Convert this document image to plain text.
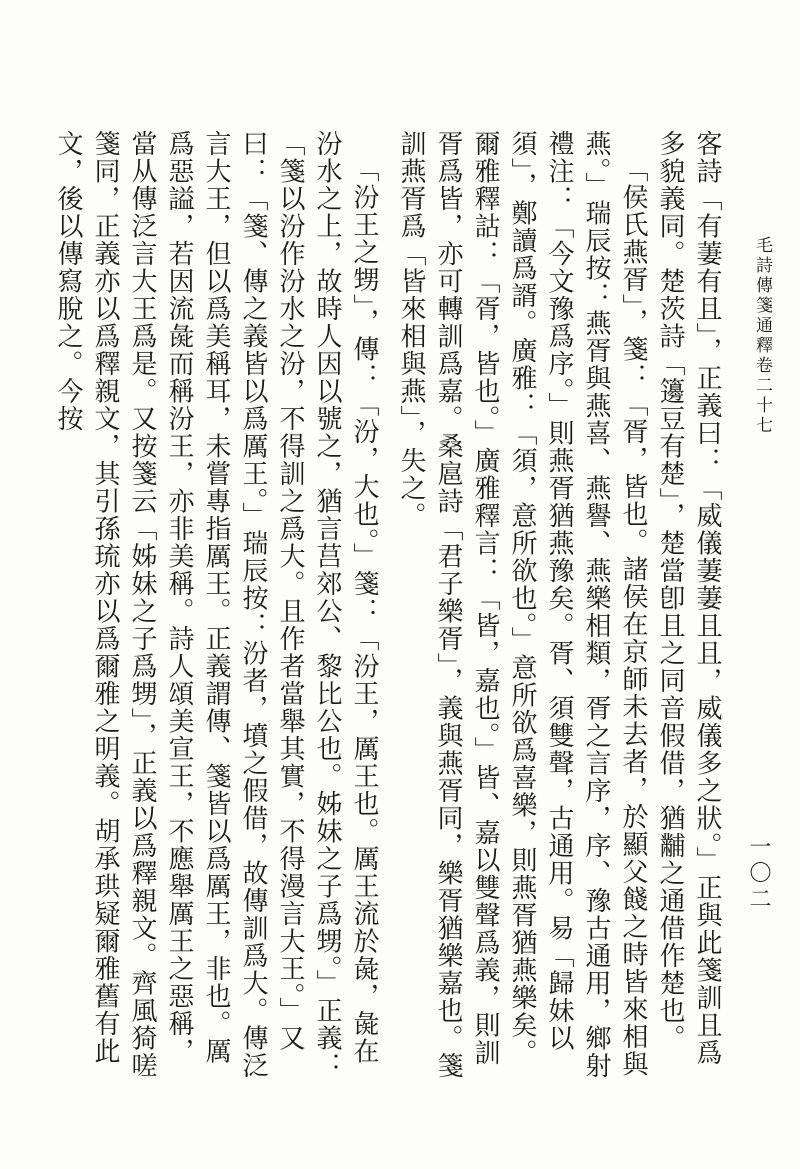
毛詩傳箋通釋卷二十七
一〇二

客詩「有萋有且」，正義曰：「威儀萋萋且且，威儀多之狀。」正與此箋訓且爲多貌義同。楚茨詩「籩豆有楚」，楚當卽且之同音假借，猶黼之通借作楚也。

「侯氏燕胥」，箋：「胥，皆也。諸侯在京師未去者，於顯父餞之時皆來相與燕。」瑞辰按：燕胥與燕喜、燕譽、燕樂相類，胥之言序，序、豫古通用，鄉射禮注：「今文豫爲序。」則燕胥猶燕豫矣。胥、須雙聲，古通用。易「歸妹以須」，鄭讀爲諝。廣雅：「須，意所欲也。」意所欲爲喜樂，則燕胥猶燕樂矣。爾雅釋詁：「胥，皆也。」廣雅釋言：「皆，嘉也。」皆、嘉以雙聲爲義，則訓胥爲皆，亦可轉訓爲嘉。桑扈詩「君子樂胥」，義與燕胥同，樂胥猶樂嘉也。箋訓燕胥爲「皆來相與燕」，失之。

「汾王之甥」，傳：「汾，大也。」箋：「汾王，厲王也。厲王流於彘，彘在汾水之上，故時人因以號之，猶言莒郊公、黎比公也。姊妹之子爲甥。」正義：「箋以汾作汾水之汾，不得訓之爲大。且作者當舉其實，不得漫言大王。」又曰：「箋、傳之義皆以爲厲王。」瑞辰按：汾者，墳之假借，故傳訓爲大。傳泛言大王，但以爲美稱耳，未嘗專指厲王。正義謂傳、箋皆以爲厲王，非也。厲爲惡謚，若因流彘而稱汾王，亦非美稱。詩人頌美宣王，不應舉厲王之惡稱，當从傳泛言大王爲是。又按箋云「姊妹之子爲甥」，正義以爲釋親文。齊風猗嗟箋同，正義亦以爲釋親文，其引孫琉亦以爲爾雅之明義。胡承珙疑爾雅舊有此文，後以傳寫脫之。今按
